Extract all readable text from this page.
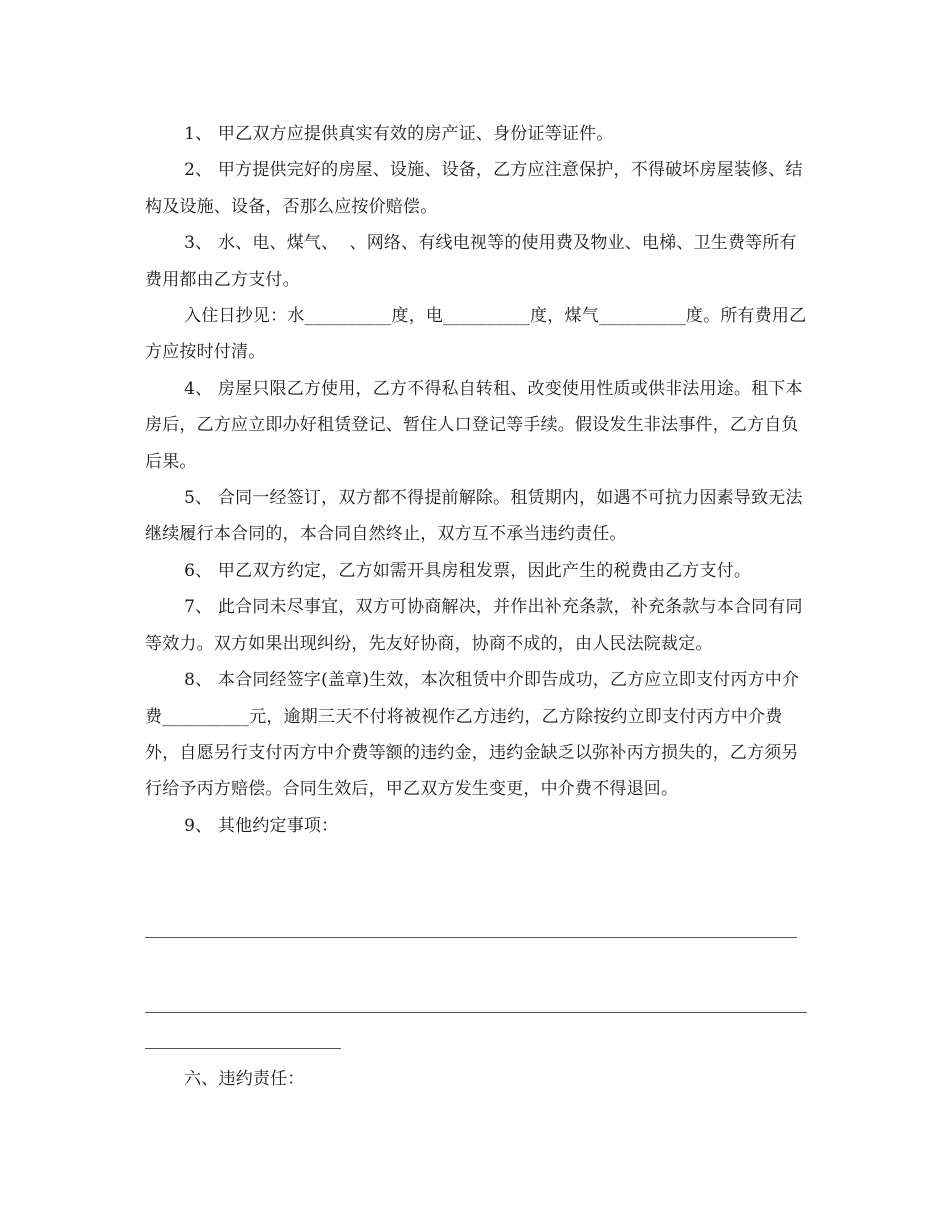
1、 甲乙双方应提供真实有效的房产证、身份证等证件。

2、 甲方提供完好的房屋、设施、设备，乙方应注意保护，不得破坏房屋装修、结构及设施、设备，否那么应按价赔偿。

3、 水、电、煤气、  、网络、有线电视等的使用费及物业、电梯、卫生费等所有费用都由乙方支付。

入住日抄见：水__________度，电__________度，煤气__________度。所有费用乙方应按时付清。

4、 房屋只限乙方使用，乙方不得私自转租、改变使用性质或供非法用途。租下本房后，乙方应立即办好租赁登记、暂住人口登记等手续。假设发生非法事件，乙方自负后果。

5、 合同一经签订，双方都不得提前解除。租赁期内，如遇不可抗力因素导致无法继续履行本合同的，本合同自然终止，双方互不承当违约责任。

6、 甲乙双方约定，乙方如需开具房租发票，因此产生的税费由乙方支付。

7、 此合同未尽事宜，双方可协商解决，并作出补充条款，补充条款与本合同有同等效力。双方如果出现纠纷，先友好协商，协商不成的，由人民法院裁定。

8、 本合同经签字(盖章)生效，本次租赁中介即告成功，乙方应立即支付丙方中介费__________元，逾期三天不付将被视作乙方违约，乙方除按约立即支付丙方中介费外，自愿另行支付丙方中介费等额的违约金，违约金缺乏以弥补丙方损失的，乙方须另行给予丙方赔偿。合同生效后，甲乙双方发生变更，中介费不得退回。

9、 其他约定事项：

六、违约责任：
